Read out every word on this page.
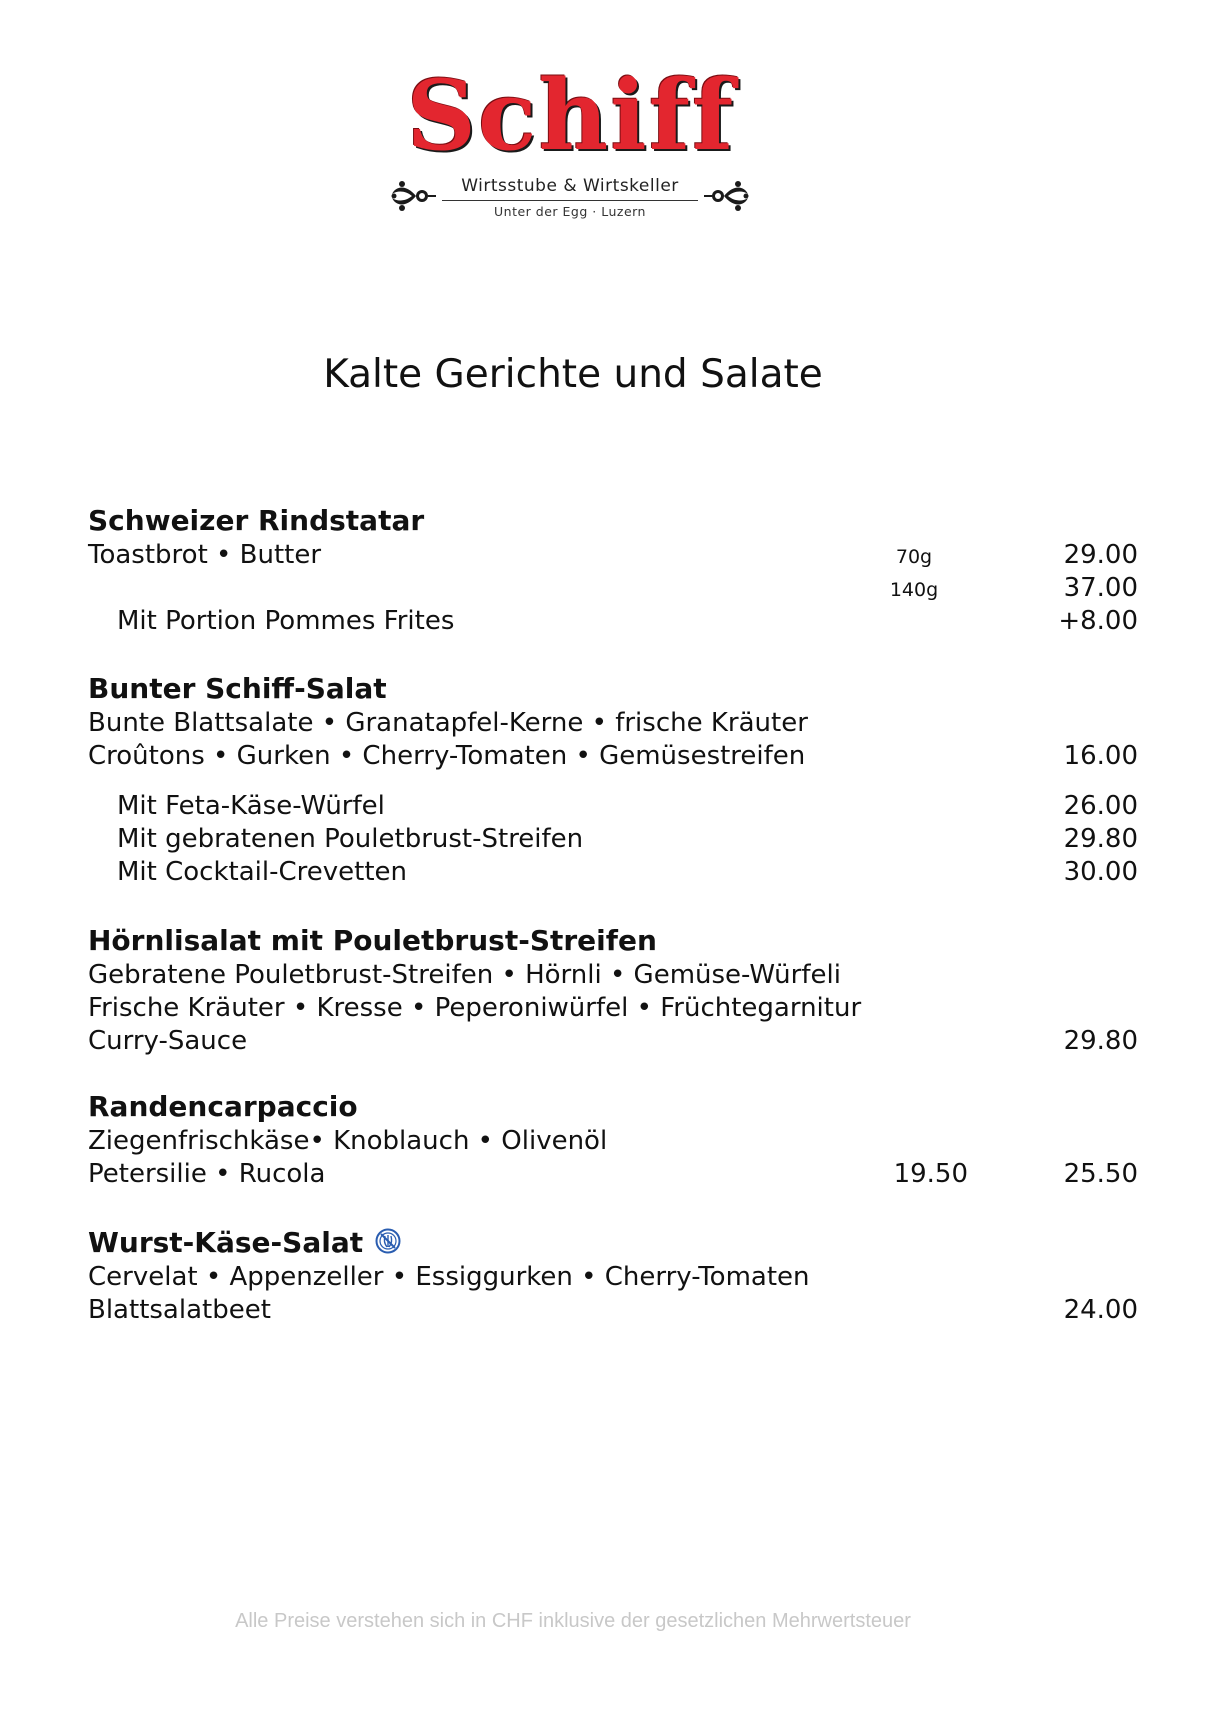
Schiff
Wirtsstube & Wirtskeller
Unter der Egg · Luzern
Kalte Gerichte und Salate
Schweizer Rindstatar
Toastbrot • Butter	70g	29.00
140g	37.00
Mit Portion Pommes Frites	+8.00
Bunter Schiff-Salat
Bunte Blattsalate • Granatapfel-Kerne • frische Kräuter
Croûtons • Gurken • Cherry-Tomaten • Gemüsestreifen	16.00
Mit Feta-Käse-Würfel	26.00
Mit gebratenen Pouletbrust-Streifen	29.80
Mit Cocktail-Crevetten	30.00
Hörnlisalat mit Pouletbrust-Streifen
Gebratene Pouletbrust-Streifen • Hörnli • Gemüse-Würfeli
Frische Kräuter • Kresse • Peperoniwürfel • Früchtegarnitur
Curry-Sauce	29.80
Randencarpaccio
Ziegenfrischkäse• Knoblauch • Olivenöl
Petersilie • Rucola	19.50	25.50
Wurst-Käse-Salat
Cervelat • Appenzeller • Essiggurken • Cherry-Tomaten
Blattsalatbeet	24.00
Alle Preise verstehen sich in CHF inklusive der gesetzlichen Mehrwertsteuer
